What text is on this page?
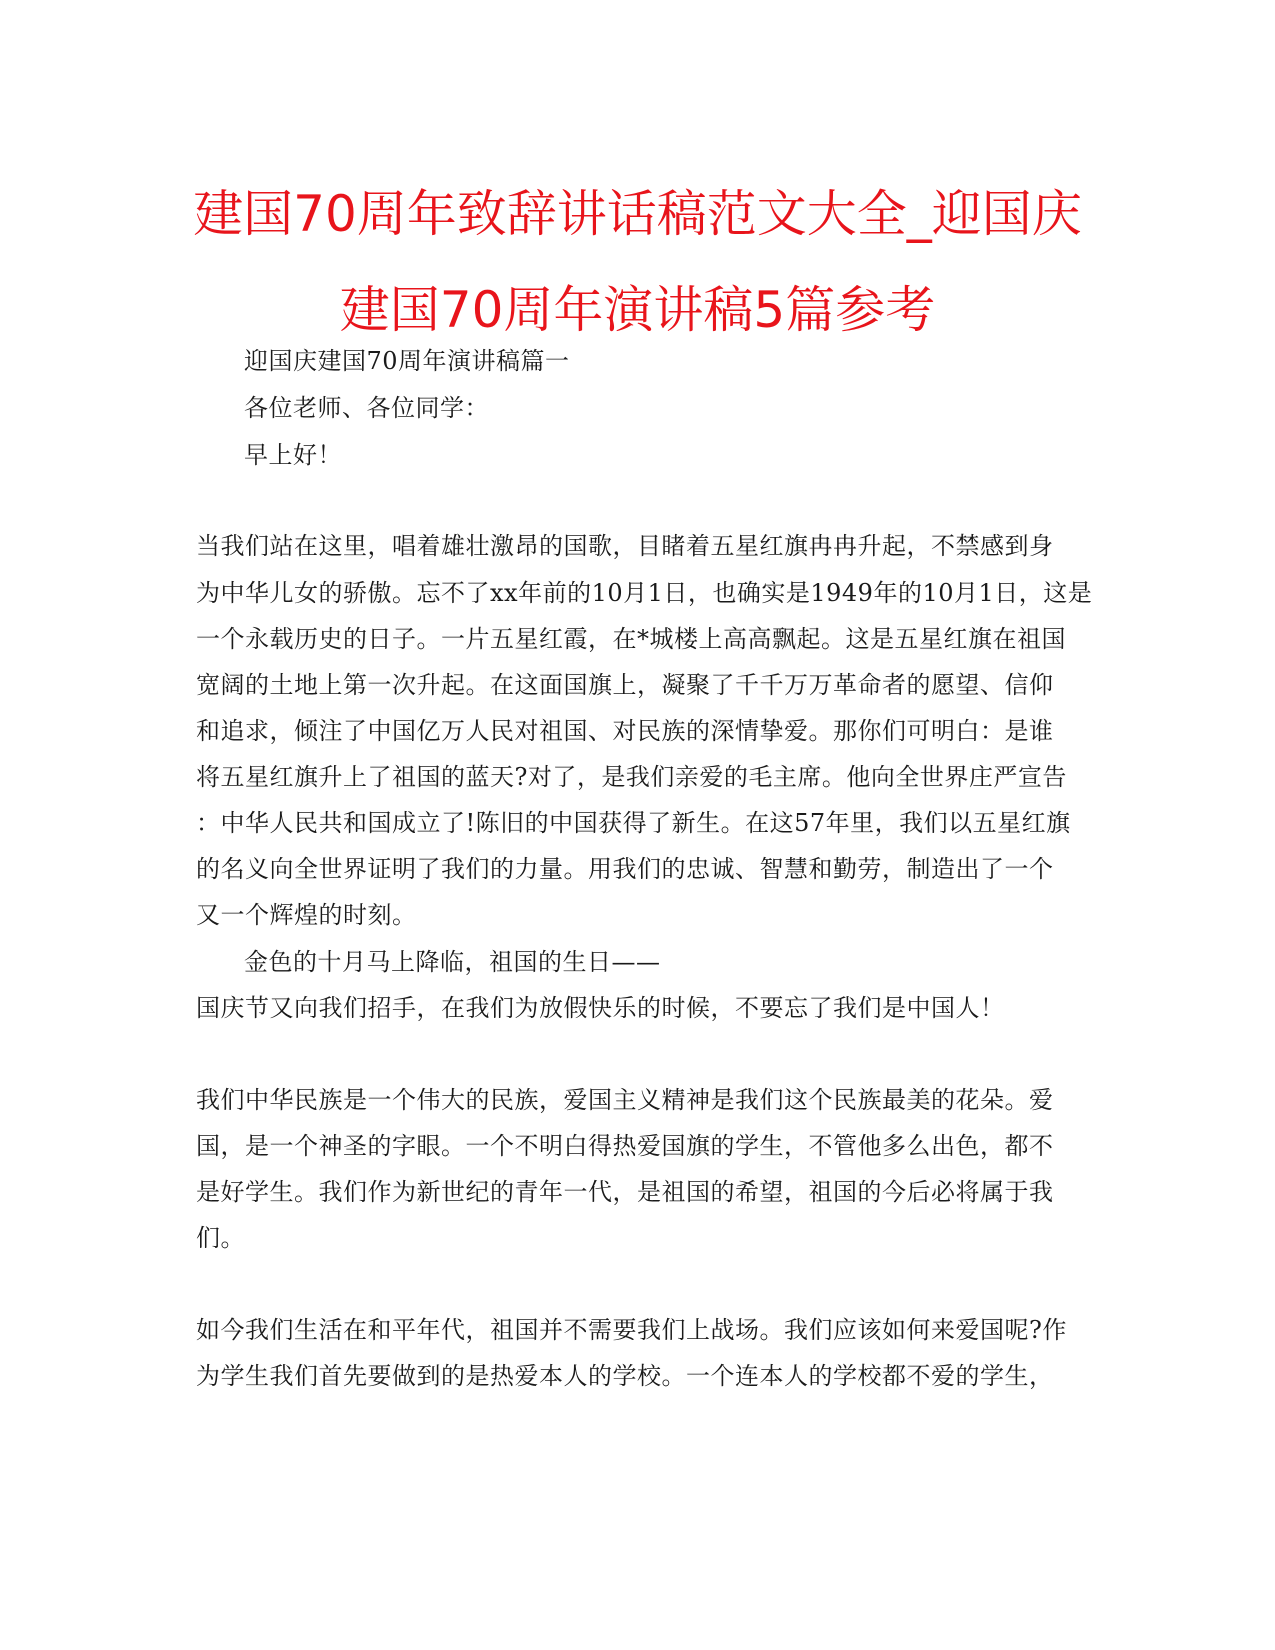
建国70周年致辞讲话稿范文大全_迎国庆
建国70周年演讲稿5篇参考
迎国庆建国70周年演讲稿篇一
各位老师、各位同学：
早上好！
当我们站在这里，唱着雄壮激昂的国歌，目睹着五星红旗冉冉升起，不禁感到身
为中华儿女的骄傲。忘不了xx年前的10月1日，也确实是1949年的10月1日，这是
一个永载历史的日子。一片五星红霞，在*城楼上高高飘起。这是五星红旗在祖国
宽阔的土地上第一次升起。在这面国旗上，凝聚了千千万万革命者的愿望、信仰
和追求，倾注了中国亿万人民对祖国、对民族的深情挚爱。那你们可明白：是谁
将五星红旗升上了祖国的蓝天?对了，是我们亲爱的毛主席。他向全世界庄严宣告
：中华人民共和国成立了!陈旧的中国获得了新生。在这57年里，我们以五星红旗
的名义向全世界证明了我们的力量。用我们的忠诚、智慧和勤劳，制造出了一个
又一个辉煌的时刻。
金色的十月马上降临，祖国的生日——
国庆节又向我们招手，在我们为放假快乐的时候，不要忘了我们是中国人！
我们中华民族是一个伟大的民族，爱国主义精神是我们这个民族最美的花朵。爱
国，是一个神圣的字眼。一个不明白得热爱国旗的学生，不管他多么出色，都不
是好学生。我们作为新世纪的青年一代，是祖国的希望，祖国的今后必将属于我
们。
如今我们生活在和平年代，祖国并不需要我们上战场。我们应该如何来爱国呢?作
为学生我们首先要做到的是热爱本人的学校。一个连本人的学校都不爱的学生，
